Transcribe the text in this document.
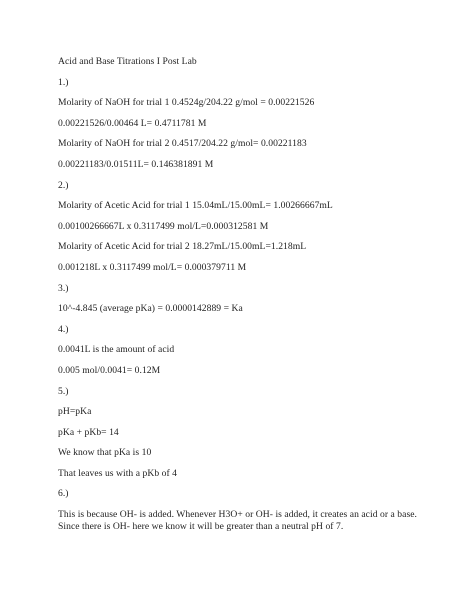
Acid and Base Titrations I Post Lab
1.)
Molarity of NaOH for trial 1 0.4524g/204.22 g/mol = 0.00221526
0.00221526/0.00464 L= 0.4711781 M
Molarity of NaOH for trial 2 0.4517/204.22 g/mol= 0.00221183
0.00221183/0.01511L= 0.146381891 M
2.)
Molarity of Acetic Acid for trial 1 15.04mL/15.00mL= 1.00266667mL
0.00100266667L x 0.3117499 mol/L=0.000312581 M
Molarity of Acetic Acid for trial 2 18.27mL/15.00mL=1.218mL
0.001218L x 0.3117499 mol/L= 0.000379711 M
3.)
10^-4.845 (average pKa) = 0.0000142889 = Ka
4.)
0.0041L is the amount of acid
0.005 mol/0.0041= 0.12M
5.)
pH=pKa
pKa + pKb= 14
We know that pKa is 10
That leaves us with a pKb of 4
6.)
This is because OH- is added. Whenever H3O+ or OH- is added, it creates an acid or a base.
Since there is OH- here we know it will be greater than a neutral pH of 7.
